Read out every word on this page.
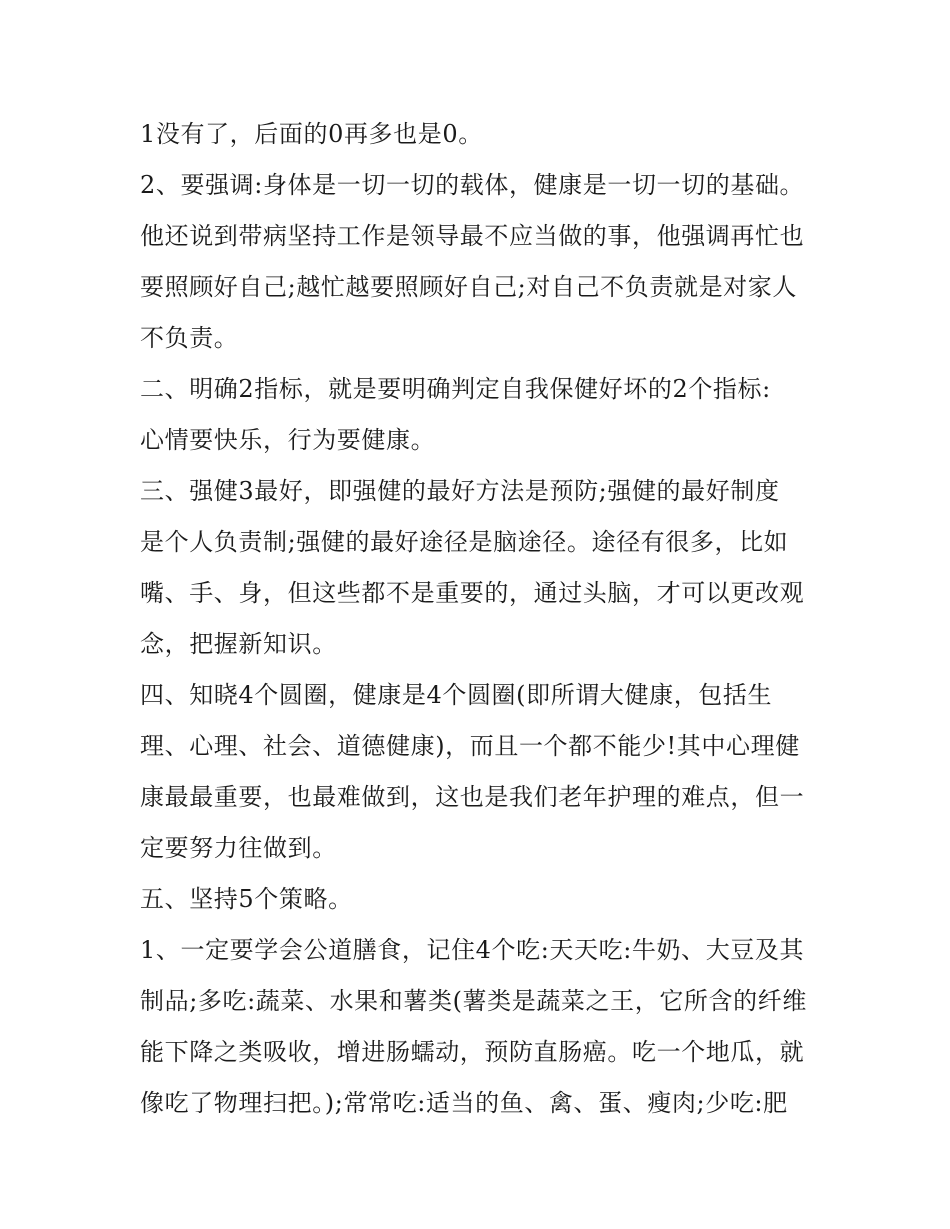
1没有了，后面的0再多也是0。
2、要强调:身体是一切一切的载体，健康是一切一切的基础。
他还说到带病坚持工作是领导最不应当做的事，他强调再忙也
要照顾好自己;越忙越要照顾好自己;对自己不负责就是对家人
不负责。
二、明确2指标，就是要明确判定自我保健好坏的2个指标:
心情要快乐，行为要健康。
三、强健3最好，即强健的最好方法是预防;强健的最好制度
是个人负责制;强健的最好途径是脑途径。途径有很多，比如
嘴、手、身，但这些都不是重要的，通过头脑，才可以更改观
念，把握新知识。
四、知晓4个圆圈，健康是4个圆圈(即所谓大健康，包括生
理、心理、社会、道德健康)，而且一个都不能少!其中心理健
康最最重要，也最难做到，这也是我们老年护理的难点，但一
定要努力往做到。
五、坚持5个策略。
1、一定要学会公道膳食，记住4个吃:天天吃:牛奶、大豆及其
制品;多吃:蔬菜、水果和薯类(薯类是蔬菜之王，它所含的纤维
能下降之类吸收，增进肠蠕动，预防直肠癌。吃一个地瓜，就
像吃了物理扫把。);常常吃:适当的鱼、禽、蛋、瘦肉;少吃:肥
